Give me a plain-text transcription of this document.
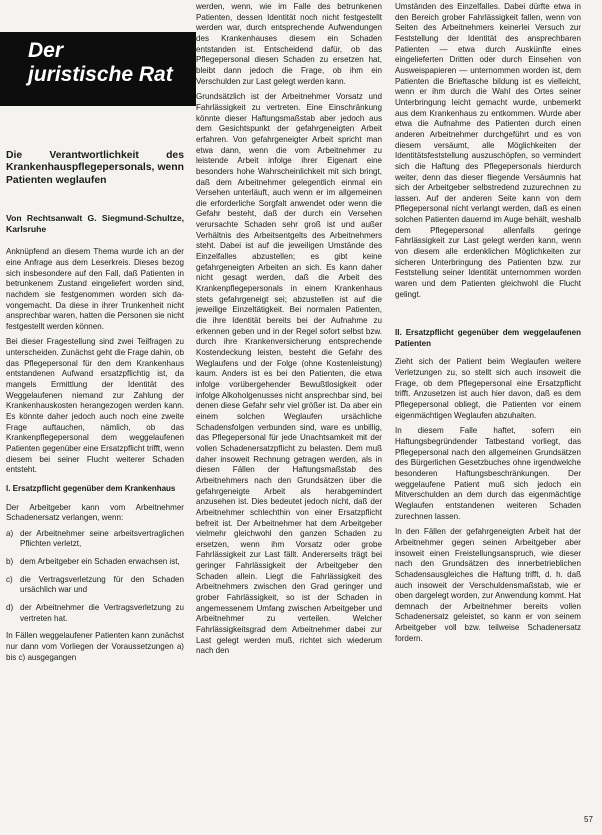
Der
juristische Rat
Die Verantwortlichkeit des Krankenhauspflegepersonals, wenn Patienten weglaufen
Von Rechtsanwalt G. Siegmund-Schultze, Karlsruhe

Anknüpfend an diesem Thema wurde ich an der eine Anfrage aus dem Leserkreis. Dieses bezog sich insbesondere auf den Fall, daß Patienten in betrunkenem Zustand eingeliefert worden sind, nachdem sie festgenommen worden sich da-vongemacht. Da diese in ihrer Trunkenheit nicht ansprechbar waren, hatten die Personen sie nicht festgestellt werden können.

Bei dieser Fragestellung sind zwei Teilfragen zu unterscheiden. Zunächst geht die Frage dahin, ob das Pflegepersonal für den dem Krankenhaus entstandenen Aufwand ersatzpflichtig ist, da mangels Ermittlung der Identität des Weggelaufenen niemand zur Zahlung der Krankenhauskosten herangezogen werden kann. Es könnte daher jedoch auch noch eine zweite Frage auftauchen, nämlich, ob das Krankenpflegepersonal dem weggelaufenen Patienten gegenüber eine Ersatzpflicht trifft, wenn diesem bei seiner Flucht weiterer Schaden entsteht.

I. Ersatzpflicht gegenüber dem Krankenhaus

Der Arbeitgeber kann vom Arbeitnehmer Schadenersatz verlangen, wenn:

a) der Arbeitnehmer seine arbeitsvertraglichen Pflichten verletzt,
b) dem Arbeitgeber ein Schaden erwachsen ist,
c) die Vertragsverletzung für den Schaden ursächlich war und
d) der Arbeitnehmer die Vertragsverletzung zu vertreten hat.

In Fällen weggelaufener Patienten kann zunächst nur dann vom Vorliegen der Voraussetzungen a) bis c) ausgegangen

werden, wenn, wie im Falle des betrunkenen Patienten, dessen Identität noch nicht festgestellt werden war, durch entsprechende Aufwendungen des Krankenhauses diesem ein Schaden entstanden ist. Entscheidend dafür, ob das Pflegepersonal diesen Schaden zu ersetzen hat, bleibt dann jedoch die Frage, ob ihm ein Verschulden zur Last gelegt werden kann.

Grundsätzlich ist der Arbeitnehmer Vorsatz und Fahrlässigkeit zu vertreten. Eine Einschränkung könnte dieser Haftungsmaßstab aber jedoch aus dem Gesichtspunkt der gefahrgeneigten Arbeit erfahren. Von gefahrgeneigter Arbeit spricht man etwa dann, wenn die vom Arbeitnehmer zu leistende Arbeit infolge ihrer Eigenart eine besonders hohe Wahrscheinlichkeit mit sich bringt, daß dem Arbeitnehmer gelegentlich einmal ein Versehen unterläuft, auch wenn er im allgemeinen die erforderliche Sorgfalt anwendet oder wenn die Gefahr besteht, daß der durch ein Versehen verursachte Schaden sehr groß ist und außer Verhältnis des Arbeitsentgelts des Arbeitnehmers steht. Dabei ist auf die jeweiligen Umstände des Einzelfalles abzustellen; es gibt keine gefahrgeneigten Arbeiten an sich. Es kann daher nicht gesagt werden, daß die Arbeit des Krankenpflegepersonals in einem Krankenhaus stets gefahrgeneigt sei; abzustellen ist auf die jeweilige Einzeltätigkeit. Bei normalen Patienten, die ihre Identität bereits bei der Aufnahme zu erkennen geben und in der Regel sofort selbst bzw. durch ihre Krankenversicherung entsprechende Kostendeckung leisten, besteht die Gefahr des Weglaufens und der Folge (ohne Kostenleistung) kaum. Anders ist es bei den Patienten, die etwa infolge vorübergehender Bewußtlosigkeit oder infolge Alkoholgenusses nicht ansprechbar sind, bei denen diese Gefahr sehr viel größer ist. Da aber ein einem solchen Weglaufen ursächliche Schadensfolgen verbunden sind, ware es unbillig, das Pflegepersonal für jede Unachtsamkeit mit der vollen Schadenersatzpflicht zu belasten. Dem muß daher insoweit Rechnung getragen werden, als in diesen Fällen der Haftungsmaßstab des Arbeitnehmers nach den Grundsätzen über die gefahrgeneigte Arbeit als herabgemindert anzusehen ist. Dies bedeutet jedoch nicht, daß der Arbeitnehmer schlechthin von einer Ersatzpflicht befreit ist. Der Arbeitnehmer hat dem Arbeitgeber vielmehr gleichwohl den ganzen Schaden zu ersetzen, wenn ihm Vorsatz oder grobe Fahrlässigkeit zur Last fällt. Andererseits trägt bei geringer Fahrlässigkeit der Arbeitgeber den Schaden allein. Liegt die Fahrlässigkeit des Arbeitnehmers zwischen den Grad geringer und grober Fahrlässigkeit, so ist der Schaden in angemessenem Umfang zwischen Arbeitgeber und Arbeitnehmer zu verteilen. Welcher Fahrlässigkeitsgrad dem Arbeitnehmer dabei zur Last gelegt werden muß, richtet sich wiederum nach den

Umständen des Einzelfalles. Dabei dürfte etwa in den Bereich grober Fahrlässigkeit fallen, wenn von Seiten des Arbeitnehmers keinerlei Versuch zur Feststellung der Identität des ansprechbaren Patienten — etwa durch Auskünfte eines eingelieferten Dritten oder durch Einsehen von Ausweispapieren — unternommen worden ist, dem Patienten die Brieftasche bildung ist es vielleicht, wenn er ihm durch die Wahl des Ortes seiner Unterbringung leicht gemacht wurde, unbemerkt aus dem Krankenhaus zu entkommen. Wurde aber etwa die Aufnahme des Patienten durch einen anderen Arbeitnehmer durchgeführt und es von diesem versäumt, alle Möglichkeiten der Identitätsfeststellung auszuschöpfen, so vermindert sich die Haftung des Pflegepersonals hierdurch weiter, denn das dieser fliegende Versäumnis hat sich der Arbeitgeber selbstredend zuzurechnen zu lassen. Auf der anderen Seite kann von dem Pflegepersonal nicht verlangt werden, daß es einen solchen Patienten dauernd im Auge behält, weshalb dem Pflegepersonal allenfalls geringe Fahrlässigkeit zur Last gelegt werden kann, wenn von diesem alle erdenklichen Möglichkeiten zur sicheren Unterbringung des Patienten bzw. zur Feststellung seiner Identität unternommen worden waren und dem Patienten gleichwohl die Flucht gelingt.

II. Ersatzpflicht gegenüber dem weggelaufenen Patienten

Zieht sich der Patient beim Weglaufen weitere Verletzungen zu, so stellt sich auch insoweit die Frage, ob dem Pflegepersonal eine Ersatzpflicht trifft. Anzusetzen ist auch hier davon, daß es dem Pflegepersonal obliegt, die Patienten vor einem eigenmächtigen Weglaufen abzuhalten.

In diesem Falle haftet, sofern ein Haftungsbegründender Tatbestand vorliegt, das Pflegepersonal nach den allgemeinen Grundsätzen des Bürgerlichen Gesetzbuches ohne irgendwelche besonderen Haftungsbeschränkungen. Der weggelaufene Patient muß sich jedoch ein Mitverschulden an dem durch das eigenmächtige Weglaufen entstandenen weiteren Schaden zurechnen lassen.

In den Fällen der gefahrgeneigten Arbeit hat der Arbeitnehmer gegen seinen Arbeitgeber aber insoweit einen Freistellungsanspruch, wie dieser nach den Grundsätzen des innerbetrieblichen Schadensausgleiches die Haftung trifft, d. h. daß auch insoweit der Verschuldensmaßstab, wie er oben dargelegt worden, zur Anwendung kommt. Hat demnach der Arbeitnehmer bereits vollen Schadenersatz geleistet, so kann er von seinem Arbeitgeber voll bzw. teilweise Schadenersatz fordern.

57
